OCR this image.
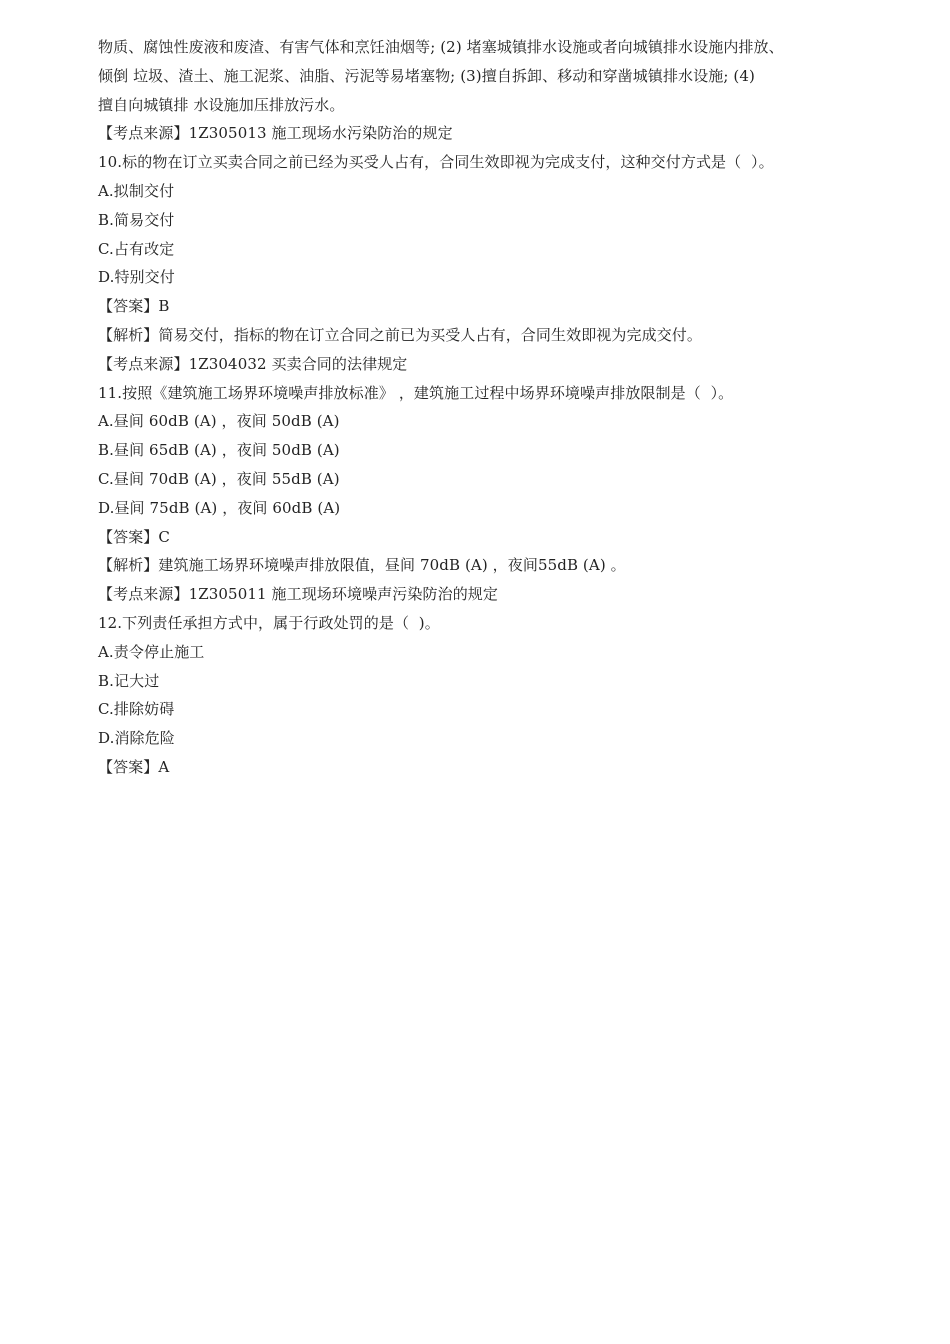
物质、腐蚀性废液和废渣、有害气体和烹饪油烟等; (2) 堵塞城镇排水设施或者向城镇排水设施内排放、
倾倒 垃圾、渣土、施工泥浆、油脂、污泥等易堵塞物; (3)擅自拆卸、移动和穿凿城镇排水设施; (4)
擅自向城镇排 水设施加压排放污水。
【考点来源】1Z305013 施工现场水污染防治的规定
10.标的物在订立买卖合同之前已经为买受人占有，合同生效即视为完成支付，这种交付方式是（  ）。
A.拟制交付
B.简易交付
C.占有改定
D.特别交付
【答案】B
【解析】简易交付，指标的物在订立合同之前已为买受人占有，合同生效即视为完成交付。
【考点来源】1Z304032 买卖合同的法律规定
11.按照《建筑施工场界环境噪声排放标准》 ，建筑施工过程中场界环境噪声排放限制是（  ）。
A.昼间 60dB (A) ，夜间 50dB (A)
B.昼间 65dB (A) ，夜间 50dB (A)
C.昼间 70dB (A) ，夜间 55dB (A)
D.昼间 75dB (A) ，夜间 60dB (A)
【答案】C
【解析】建筑施工场界环境噪声排放限值，昼间 70dB (A) ，夜间55dB (A) 。
【考点来源】1Z305011 施工现场环境噪声污染防治的规定
12.下列责任承担方式中，属于行政处罚的是（  )。
A.责令停止施工
B.记大过
C.排除妨碍
D.消除危险
【答案】A
